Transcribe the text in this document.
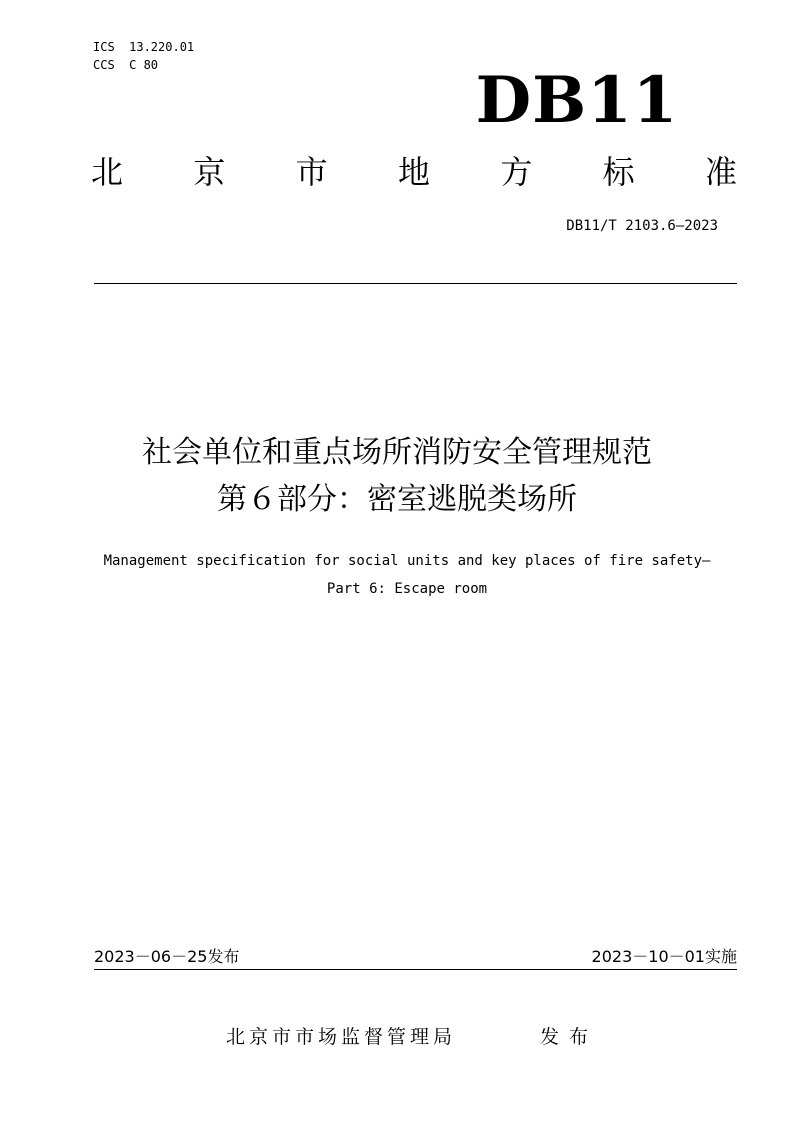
ICS  13.220.01
CCS  C 80	DB11
北 京 市 地 方 标 准
DB11/T 2103.6—2023
社会单位和重点场所消防安全管理规范
第６部分：密室逃脱类场所
Management specification for social units and key places of fire safety—
Part 6: Escape room
2023－06－25发布	2023－10－01实施
北京市市场监督管理局	发布
